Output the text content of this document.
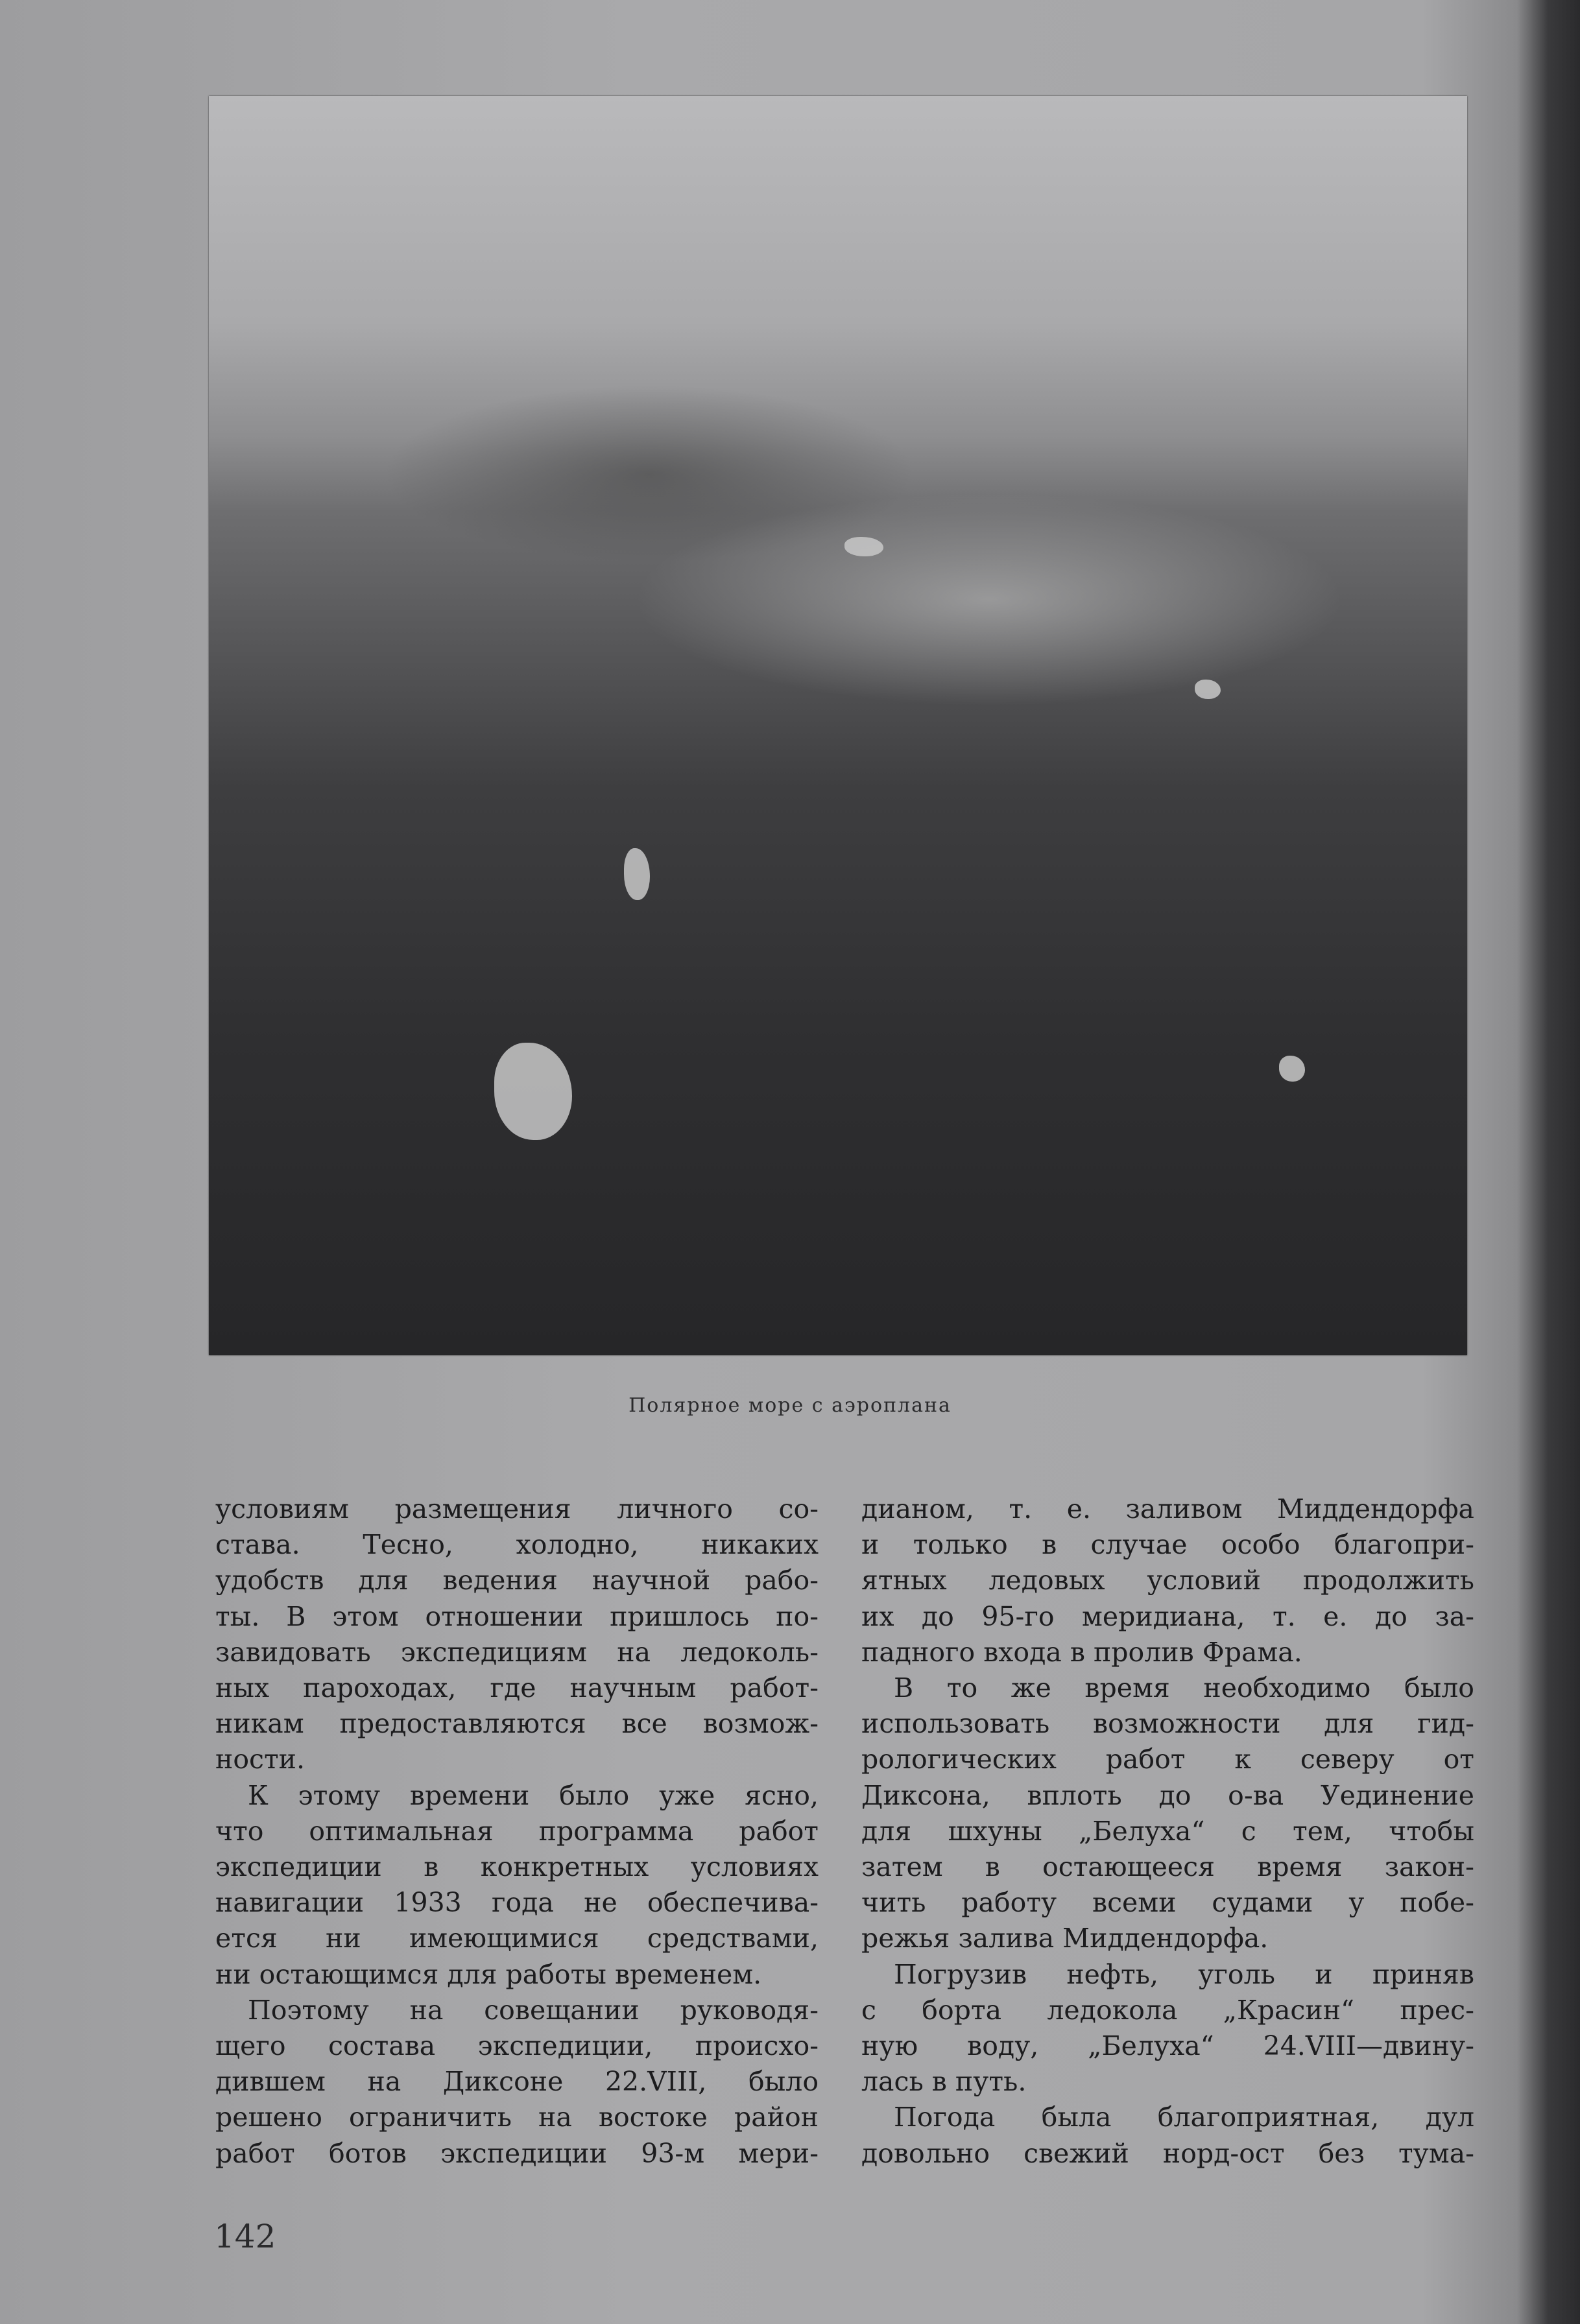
Полярное море с аэроплана
условиям размещения личного со-
става. Тесно, холодно, никаких
удобств для ведения научной рабо-
ты. В этом отношении пришлось по-
завидовать экспедициям на ледоколь-
ных пароходах, где научным работ-
никам предоставляются все возмож-
ности.
К этому времени было уже ясно,
что оптимальная программа работ
экспедиции в конкретных условиях
навигации 1933 года не обеспечива-
ется ни имеющимися средствами,
ни остающимся для работы временем.
Поэтому на совещании руководя-
щего состава экспедиции, происхо-
дившем на Диксоне 22.VIII, было
решено ограничить на востоке район
работ ботов экспедиции 93-м мери-
дианом, т. е. заливом Миддендорфа
и только в случае особо благопри-
ятных ледовых условий продолжить
их до 95-го меридиана, т. е. до за-
падного входа в пролив Фрама.
В то же время необходимо было
использовать возможности для гид-
рологических работ к северу от
Диксона, вплоть до о-ва Уединение
для шхуны „Белуха“ с тем, чтобы
затем в остающееся время закон-
чить работу всеми судами у побе-
режья залива Миддендорфа.
Погрузив нефть, уголь и приняв
с борта ледокола „Красин“ прес-
ную воду, „Белуха“ 24.VIII—двину-
лась в путь.
Погода была благоприятная, дул
довольно свежий норд-ост без тума-
142
